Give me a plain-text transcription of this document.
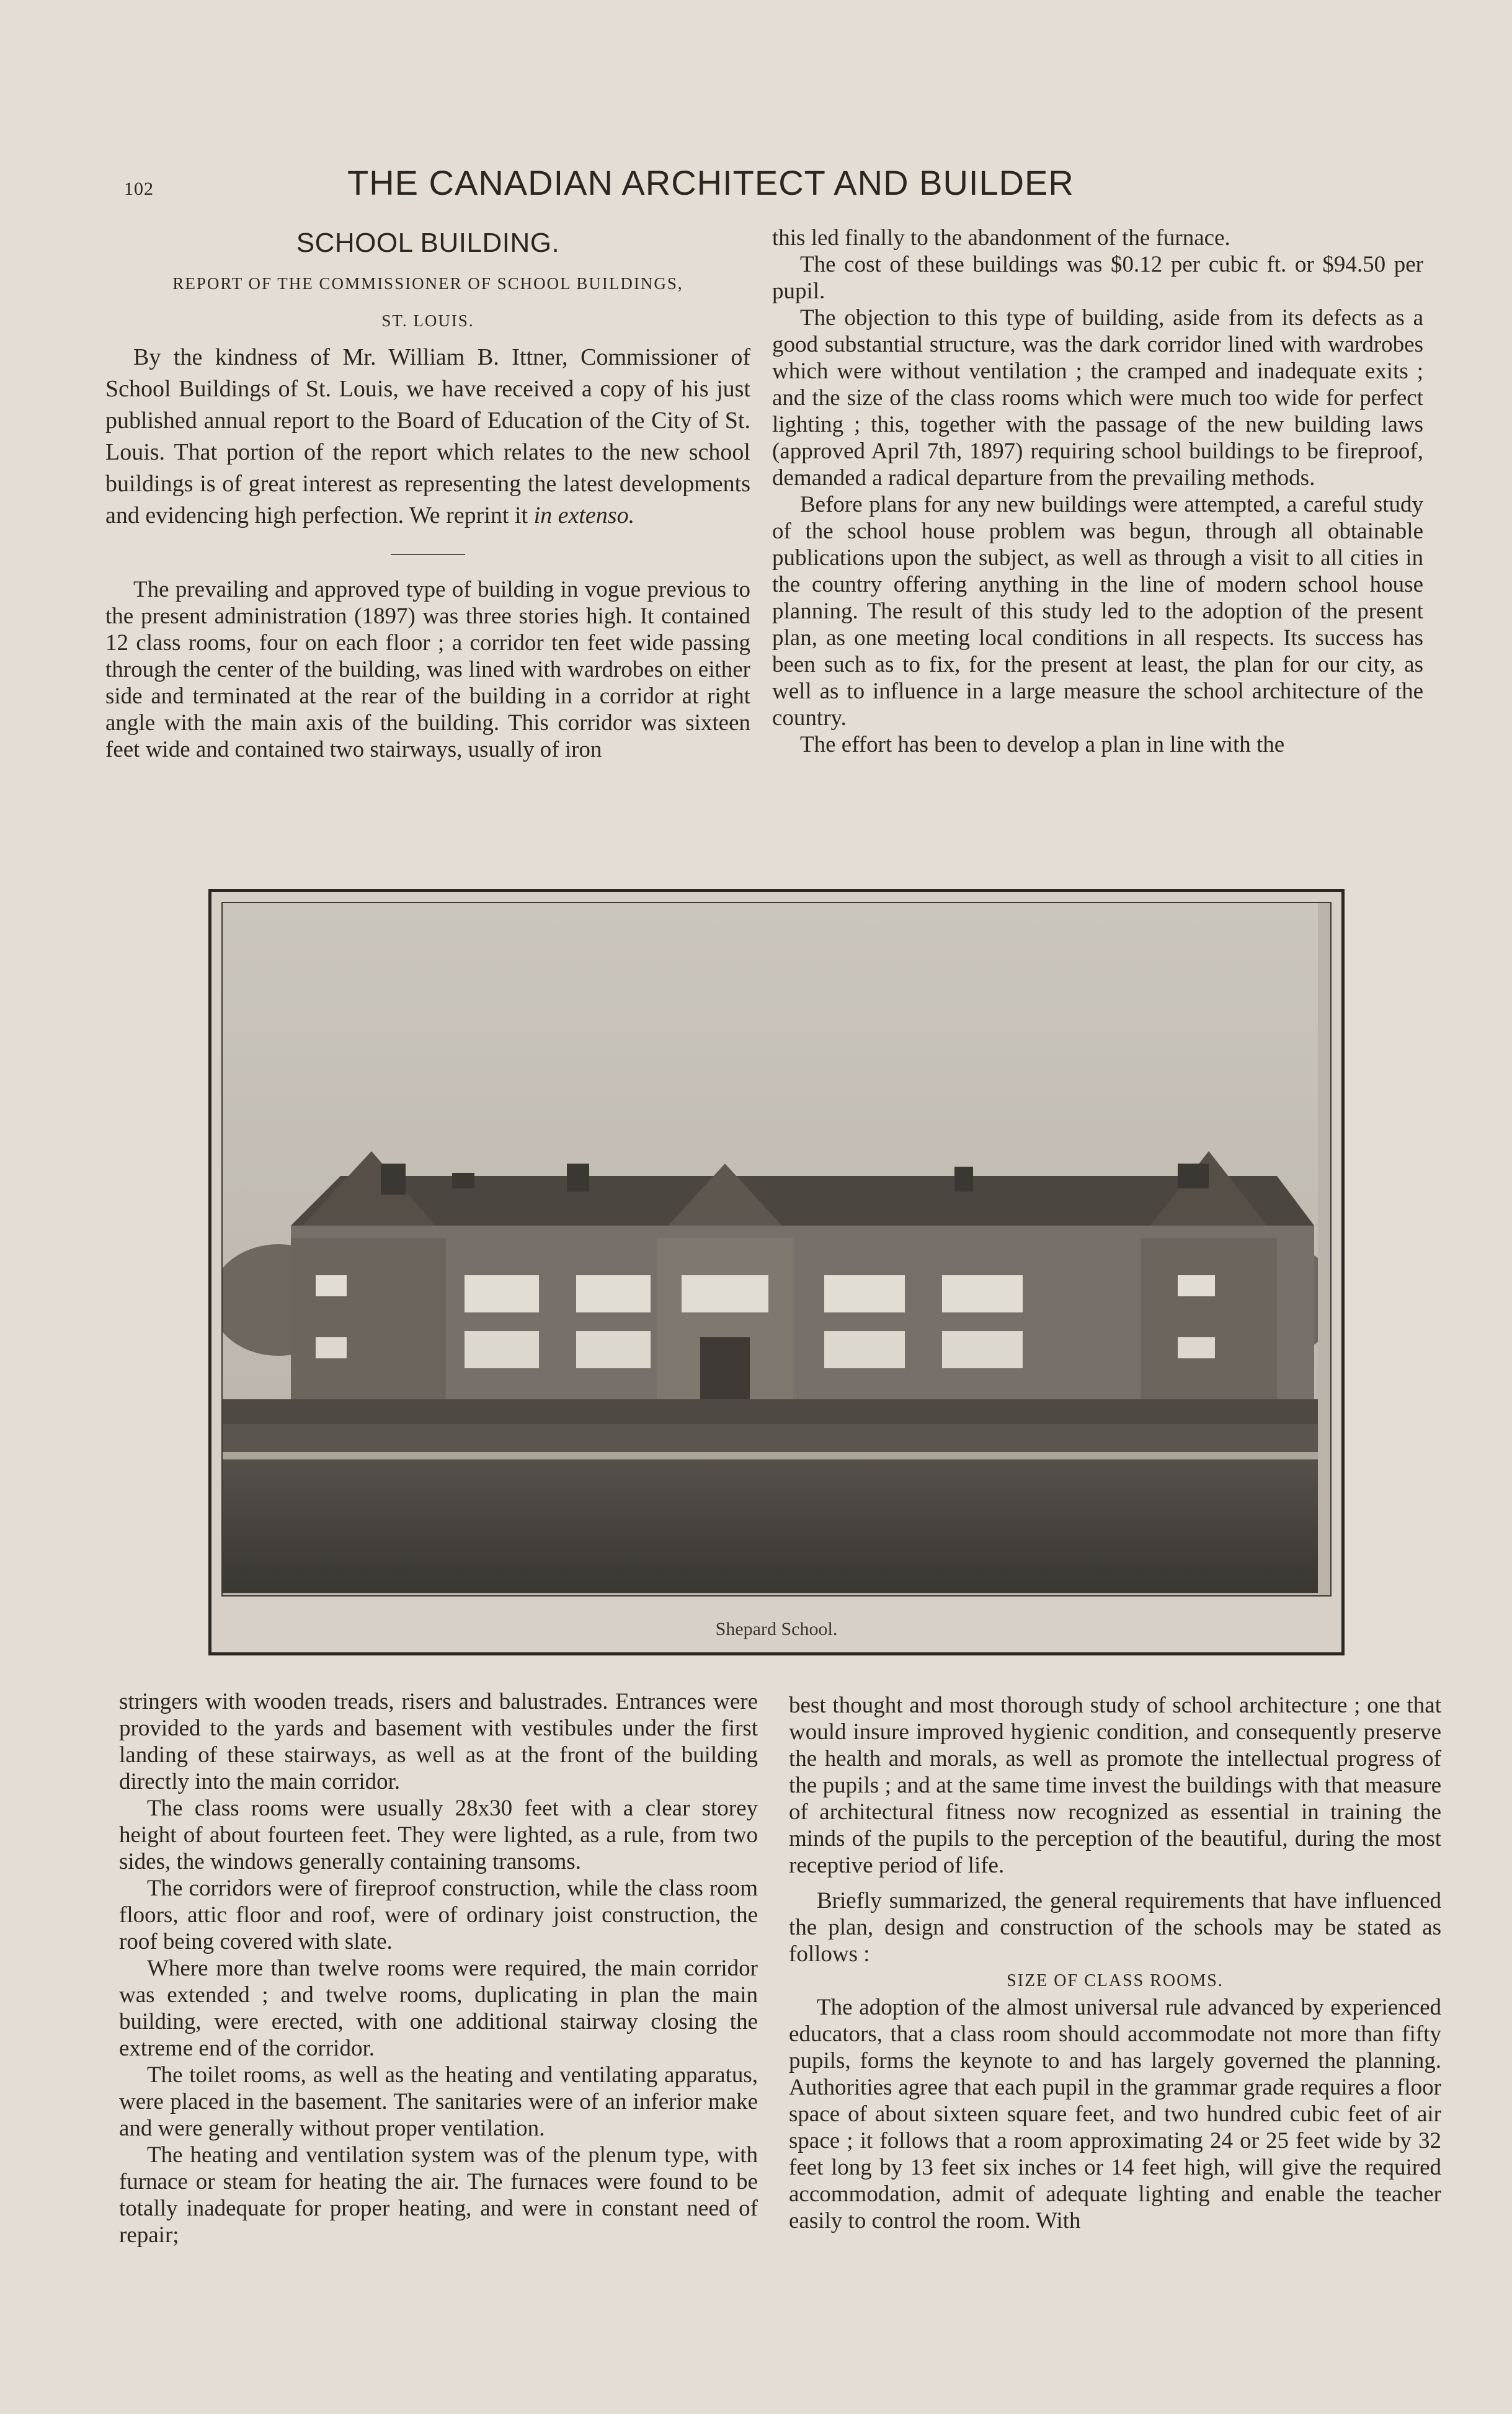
102	THE CANADIAN ARCHITECT AND BUILDER
SCHOOL BUILDING.
REPORT OF THE COMMISSIONER OF SCHOOL BUILDINGS,
ST. LOUIS.

By the kindness of Mr. William B. Ittner, Commissioner of School Buildings of St. Louis, we have received a copy of his just published annual report to the Board of Education of the City of St. Louis. That portion of the report which relates to the new school buildings is of great interest as representing the latest developments and evidencing high perfection. We reprint it in extenso.

The prevailing and approved type of building in vogue previous to the present administration (1897) was three stories high. It contained 12 class rooms, four on each floor ; a corridor ten feet wide passing through the center of the building, was lined with wardrobes on either side and terminated at the rear of the building in a corridor at right angle with the main axis of the building. This corridor was sixteen feet wide and contained two stairways, usually of iron

this led finally to the abandonment of the furnace.

The cost of these buildings was $0.12 per cubic ft. or $94.50 per pupil.

The objection to this type of building, aside from its defects as a good substantial structure, was the dark corridor lined with wardrobes which were without ventilation ; the cramped and inadequate exits ; and the size of the class rooms which were much too wide for perfect lighting ; this, together with the passage of the new building laws (approved April 7th, 1897) requiring school buildings to be fireproof, demanded a radical departure from the prevailing methods.

Before plans for any new buildings were attempted, a careful study of the school house problem was begun, through all obtainable publications upon the subject, as well as through a visit to all cities in the country offering anything in the line of modern school house planning. The result of this study led to the adoption of the present plan, as one meeting local conditions in all respects. Its success has been such as to fix, for the present at least, the plan for our city, as well as to influence in a large measure the school architecture of the country.

The effort has been to develop a plan in line with the

Shepard School.

stringers with wooden treads, risers and balustrades. Entrances were provided to the yards and basement with vestibules under the first landing of these stairways, as well as at the front of the building directly into the main corridor.

The class rooms were usually 28x30 feet with a clear storey height of about fourteen feet. They were lighted, as a rule, from two sides, the windows generally containing transoms.

The corridors were of fireproof construction, while the class room floors, attic floor and roof, were of ordinary joist construction, the roof being covered with slate.

Where more than twelve rooms were required, the main corridor was extended ; and twelve rooms, duplicating in plan the main building, were erected, with one additional stairway closing the extreme end of the corridor.

The toilet rooms, as well as the heating and ventilating apparatus, were placed in the basement. The sanitaries were of an inferior make and were generally without proper ventilation.

The heating and ventilation system was of the plenum type, with furnace or steam for heating the air. The furnaces were found to be totally inadequate for proper heating, and were in constant need of repair;

best thought and most thorough study of school architecture ; one that would insure improved hygienic condition, and consequently preserve the health and morals, as well as promote the intellectual progress of the pupils ; and at the same time invest the buildings with that measure of architectural fitness now recognized as essential in training the minds of the pupils to the perception of the beautiful, during the most receptive period of life.

Briefly summarized, the general requirements that have influenced the plan, design and construction of the schools may be stated as follows :

SIZE OF CLASS ROOMS.

The adoption of the almost universal rule advanced by experienced educators, that a class room should accommodate not more than fifty pupils, forms the keynote to and has largely governed the planning. Authorities agree that each pupil in the grammar grade requires a floor space of about sixteen square feet, and two hundred cubic feet of air space ; it follows that a room approximating 24 or 25 feet wide by 32 feet long by 13 feet six inches or 14 feet high, will give the required accommodation, admit of adequate lighting and enable the teacher easily to control the room. With
